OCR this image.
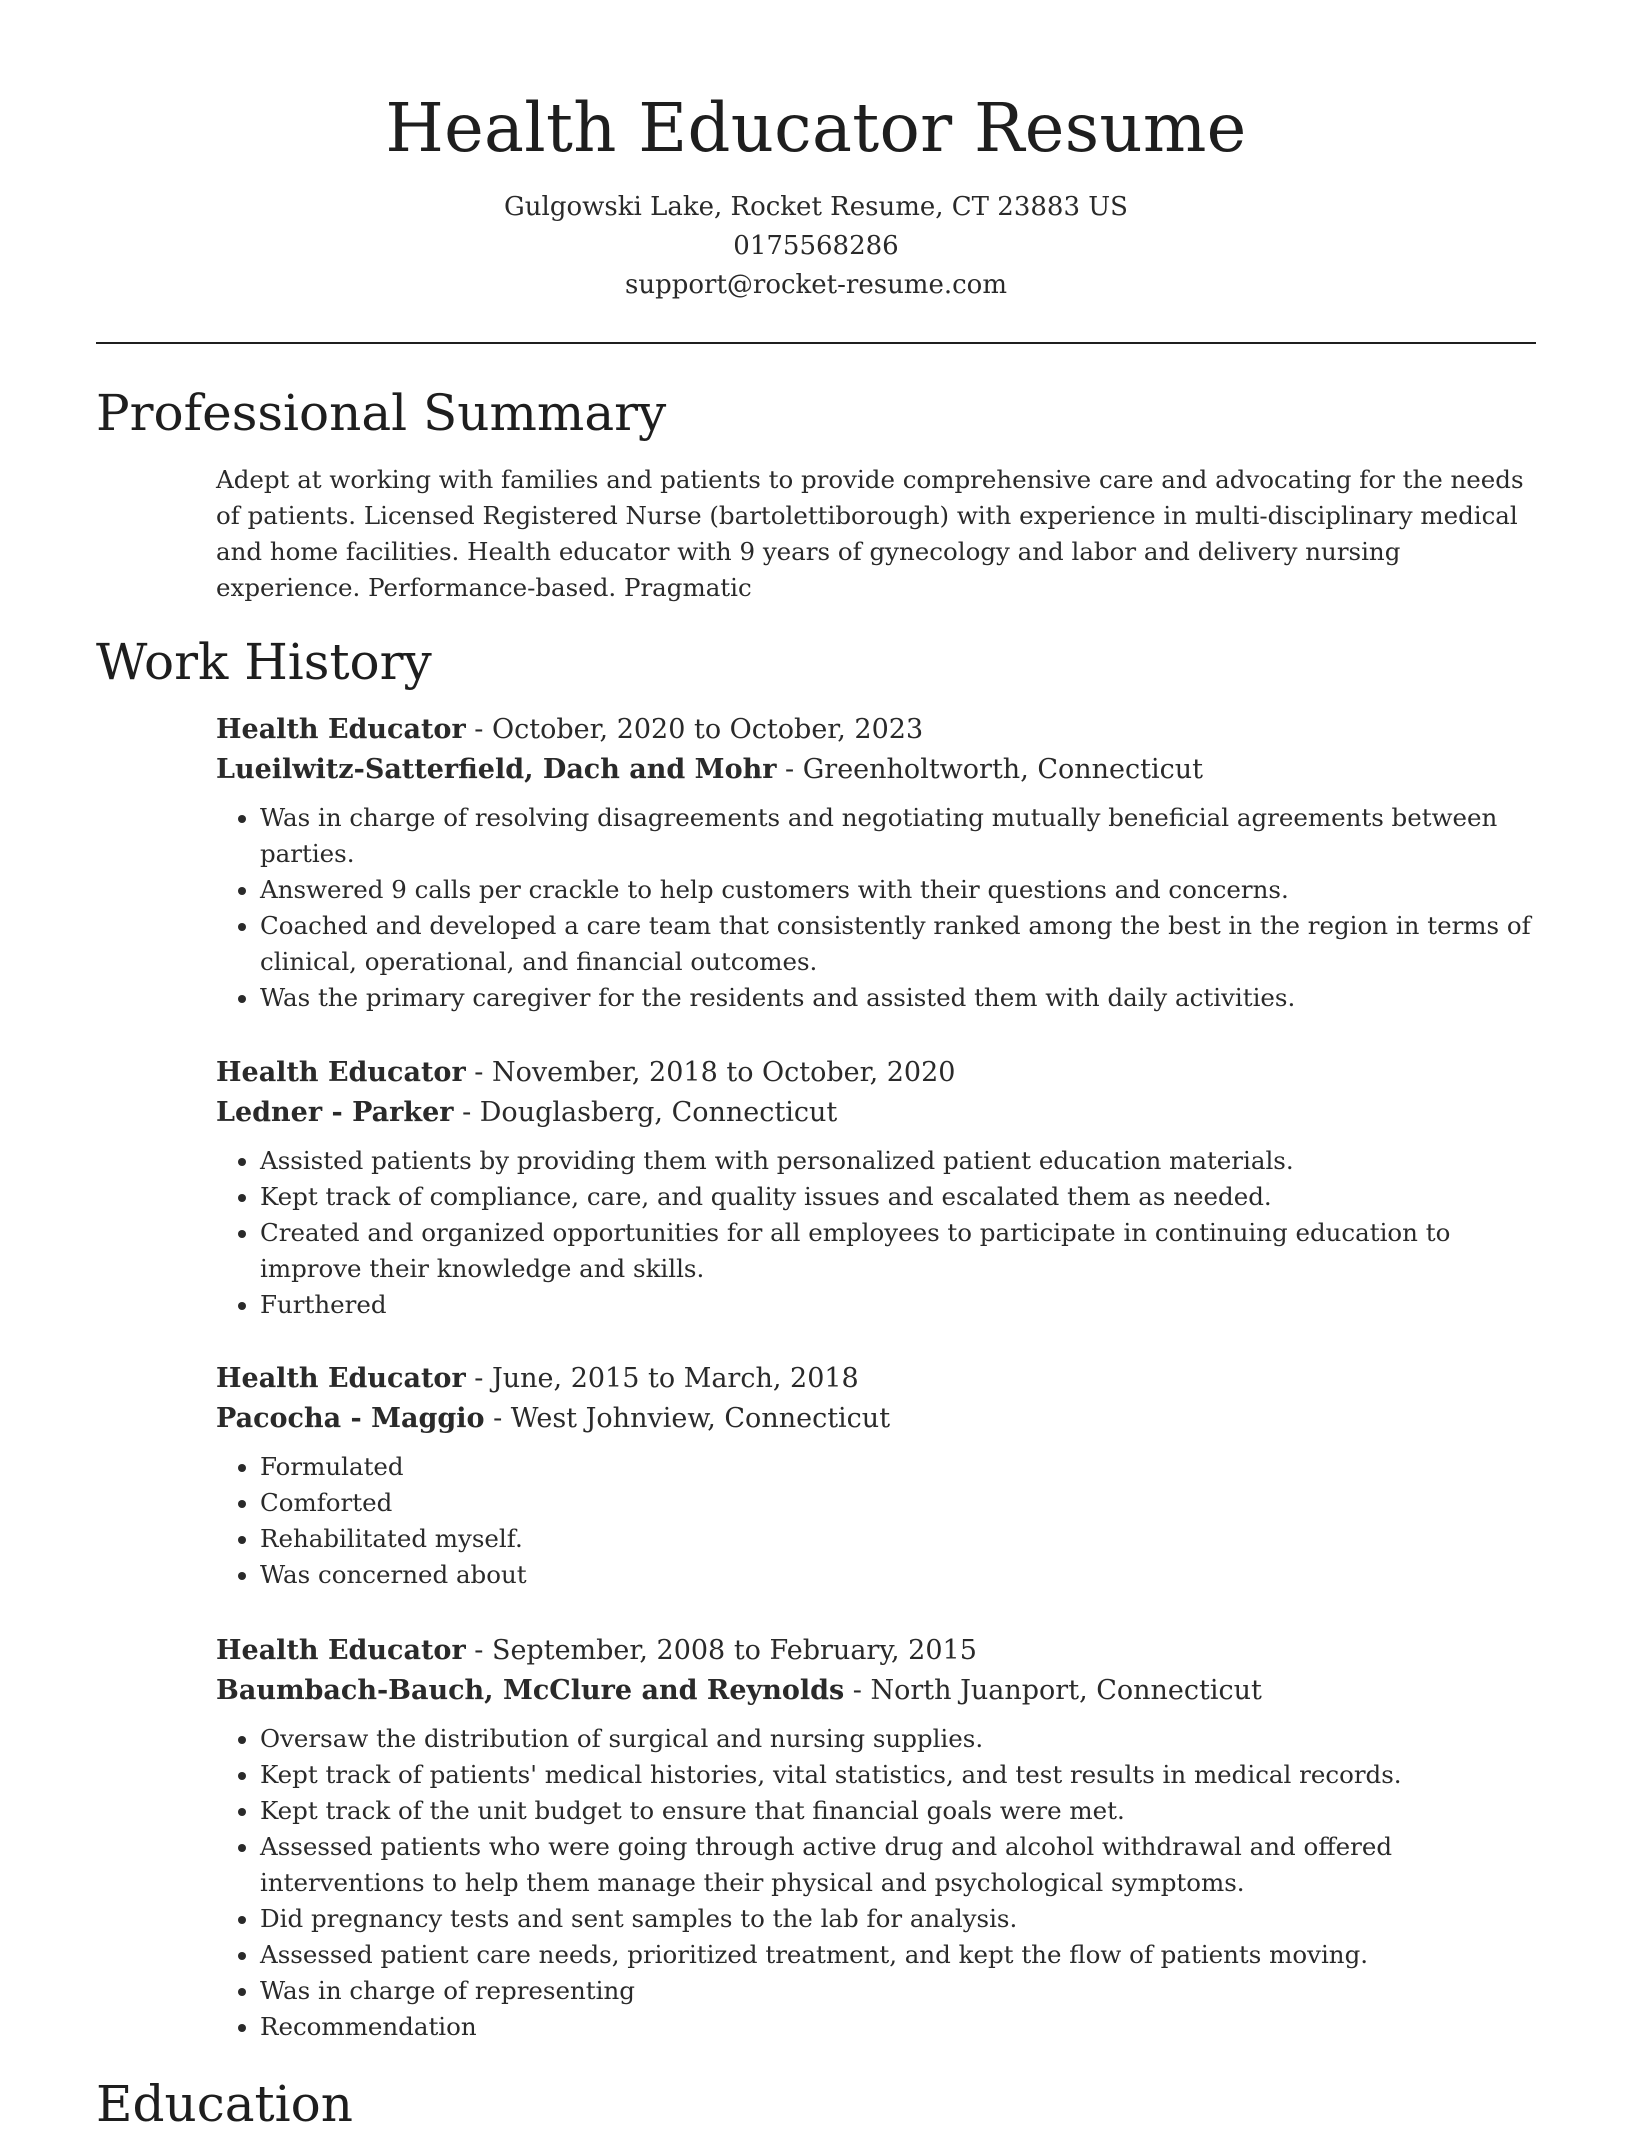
Health Educator Resume
Gulgowski Lake, Rocket Resume, CT 23883 US
0175568286
support@rocket-resume.com
Professional Summary

Adept at working with families and patients to provide comprehensive care and advocating for the needs of patients. Licensed Registered Nurse (bartolettiborough) with experience in multi-disciplinary medical and home facilities. Health educator with 9 years of gynecology and labor and delivery nursing experience. Performance-based. Pragmatic

Work History
Health Educator - October, 2020 to October, 2023
Lueilwitz-Satterfield, Dach and Mohr - Greenholtworth, Connecticut
• Was in charge of resolving disagreements and negotiating mutually beneficial agreements between parties.
• Answered 9 calls per crackle to help customers with their questions and concerns.
• Coached and developed a care team that consistently ranked among the best in the region in terms of clinical, operational, and financial outcomes.
• Was the primary caregiver for the residents and assisted them with daily activities.
Health Educator - November, 2018 to October, 2020
Ledner - Parker - Douglasberg, Connecticut
• Assisted patients by providing them with personalized patient education materials.
• Kept track of compliance, care, and quality issues and escalated them as needed.
• Created and organized opportunities for all employees to participate in continuing education to improve their knowledge and skills.
• Furthered
Health Educator - June, 2015 to March, 2018
Pacocha - Maggio - West Johnview, Connecticut
• Formulated
• Comforted
• Rehabilitated myself.
• Was concerned about
Health Educator - September, 2008 to February, 2015
Baumbach-Bauch, McClure and Reynolds - North Juanport, Connecticut
• Oversaw the distribution of surgical and nursing supplies.
• Kept track of patients' medical histories, vital statistics, and test results in medical records.
• Kept track of the unit budget to ensure that financial goals were met.
• Assessed patients who were going through active drug and alcohol withdrawal and offered interventions to help them manage their physical and psychological symptoms.
• Did pregnancy tests and sent samples to the lab for analysis.
• Assessed patient care needs, prioritized treatment, and kept the flow of patients moving.
• Was in charge of representing
• Recommendation
Education
